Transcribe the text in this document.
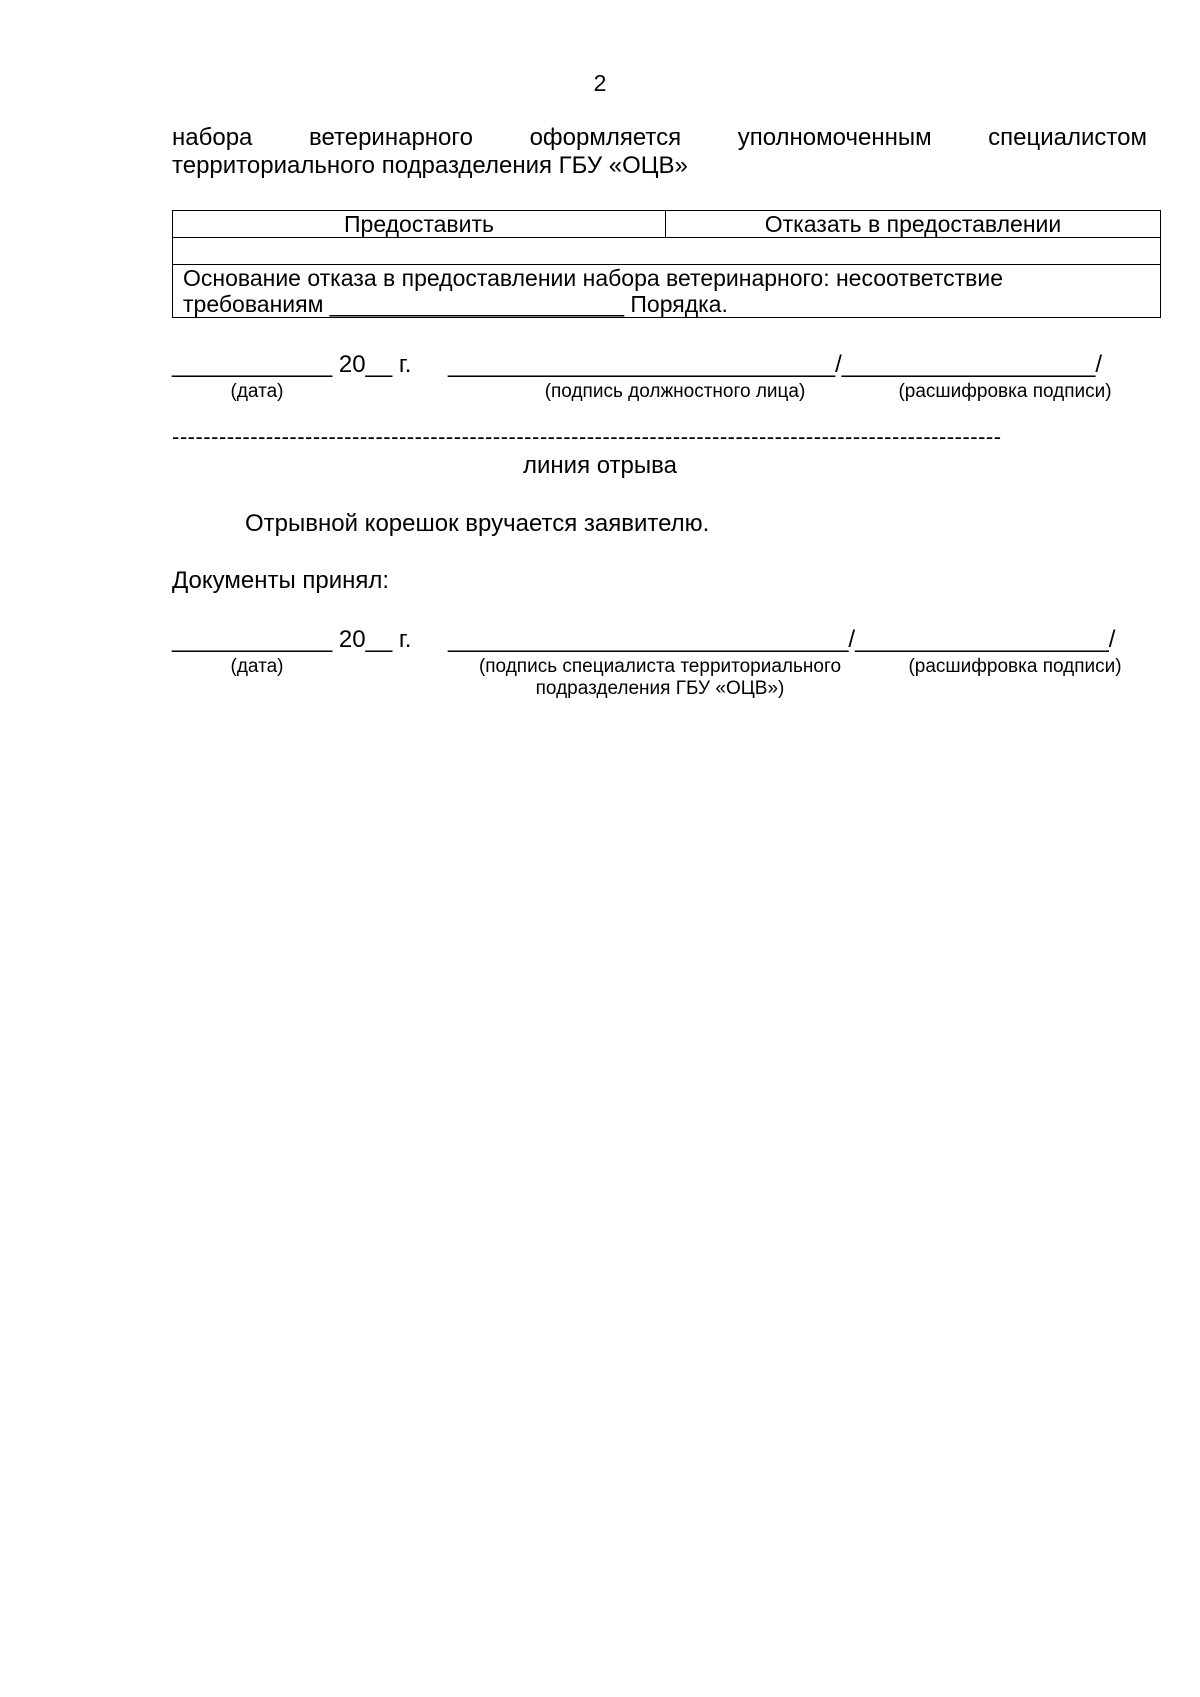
2
набора ветеринарного оформляется уполномоченным специалистом
территориального подразделения ГБУ «ОЦВ»
Предоставить	Отказать в предоставлении

Основание отказа в предоставлении набора ветеринарного: несоответствие
требованиям _______________________ Порядка.
____________ 20__ г. _____________________________/___________________/
(дата)	(подпись должностного лица)	(расшифровка подписи)
----------------------------------------------------------------------------------------------------------
линия отрыва
Отрывной корешок вручается заявителю.
Документы принял:
____________ 20__ г. ______________________________/___________________/
(дата)	(подпись специалиста территориального
подразделения ГБУ «ОЦВ»)
(расшифровка подписи)
